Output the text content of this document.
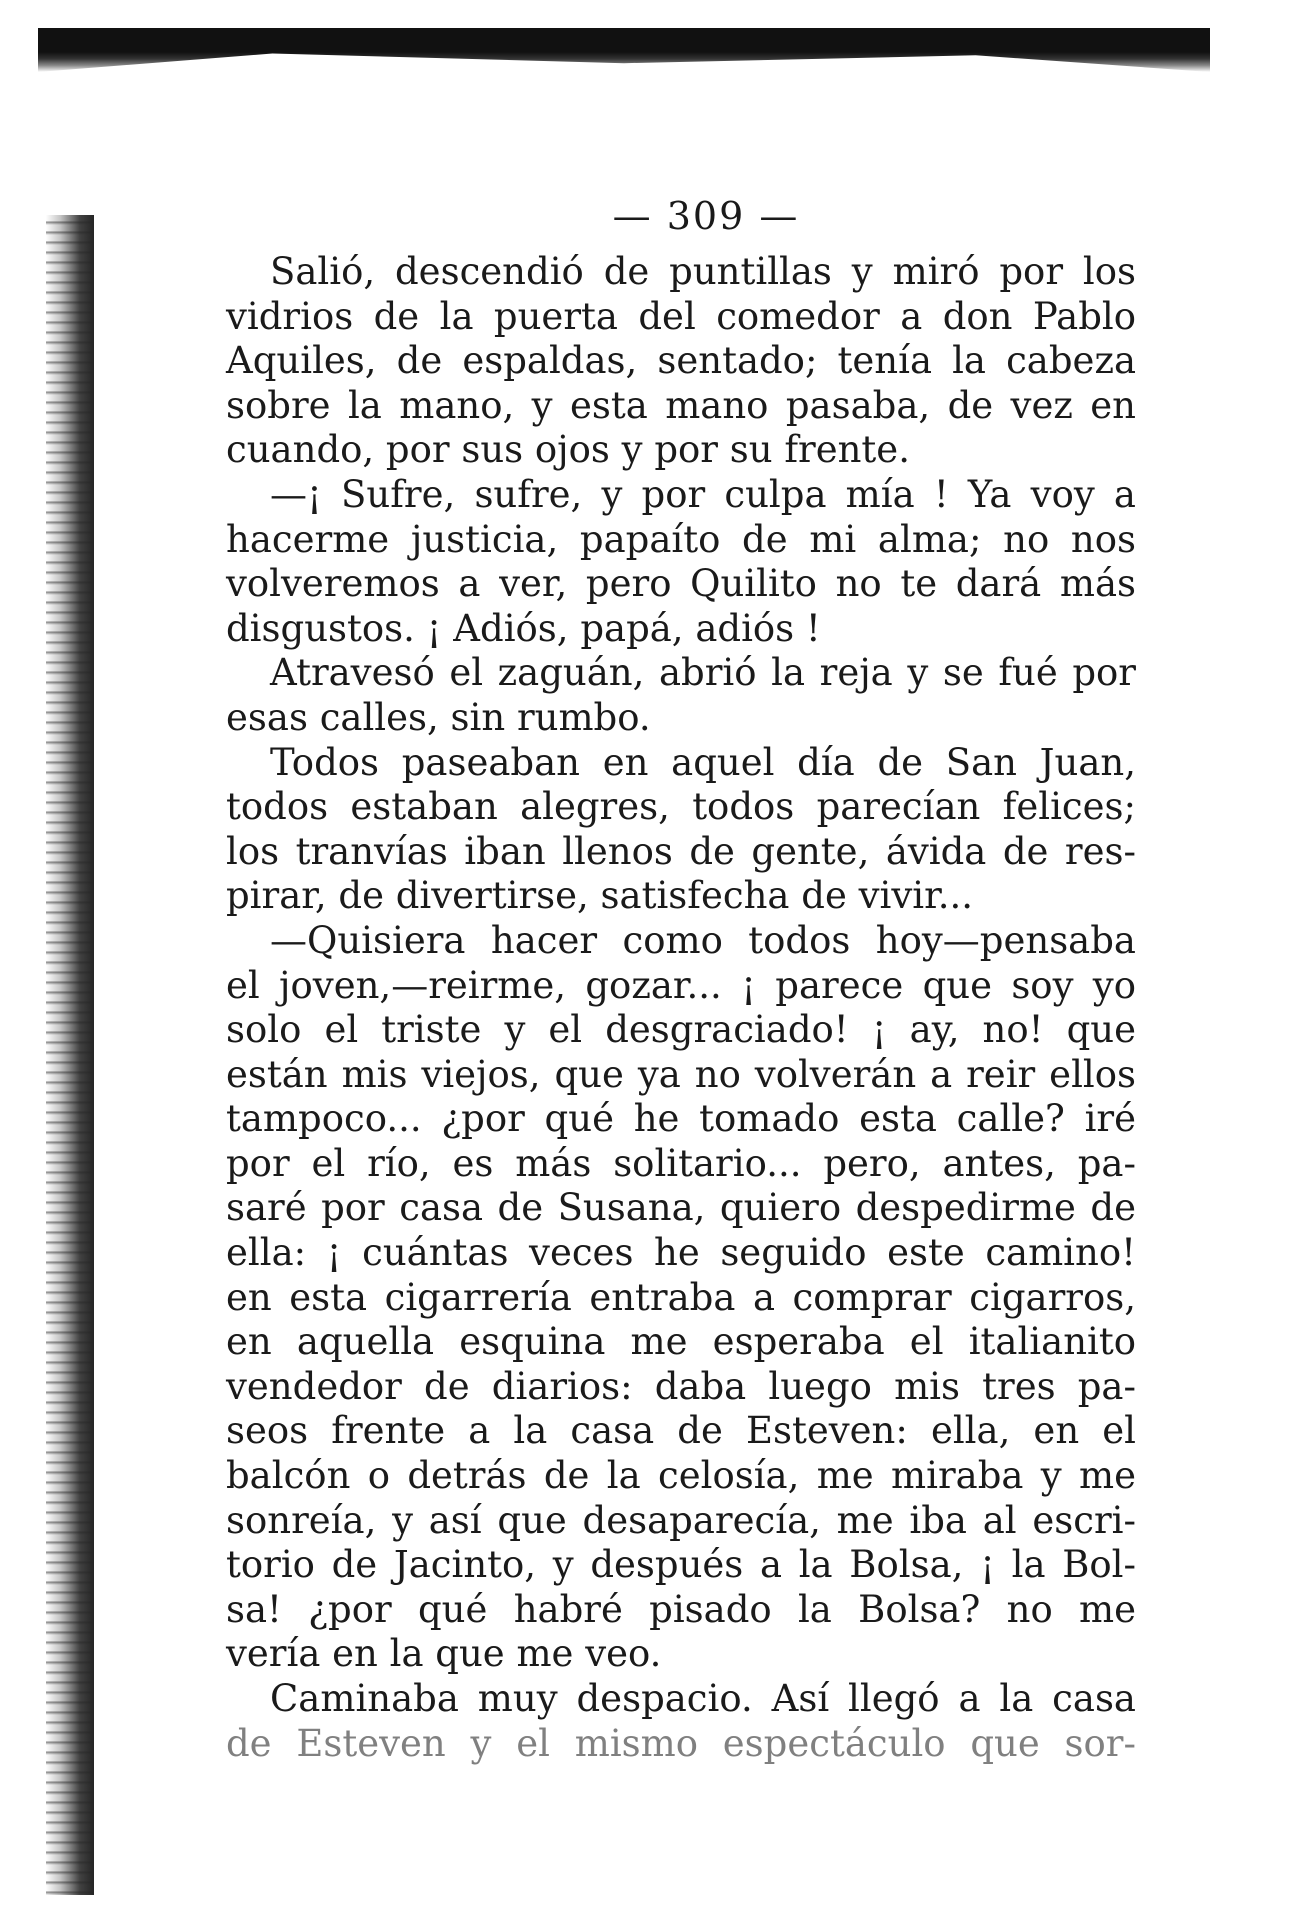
— 309 —
Salió, descendió de puntillas y miró por los
vidrios de la puerta del comedor a don Pablo
Aquiles, de espaldas, sentado; tenía la cabeza
sobre la mano, y esta mano pasaba, de vez en
cuando, por sus ojos y por su frente.
—¡ Sufre, sufre, y por culpa mía ! Ya voy a
hacerme justicia, papaíto de mi alma; no nos
volveremos a ver, pero Quilito no te dará más
disgustos. ¡ Adiós, papá, adiós !
Atravesó el zaguán, abrió la reja y se fué por
esas calles, sin rumbo.
Todos paseaban en aquel día de San Juan,
todos estaban alegres, todos parecían felices;
los tranvías iban llenos de gente, ávida de res-
pirar, de divertirse, satisfecha de vivir...
—Quisiera hacer como todos hoy—pensaba
el joven,—reirme, gozar... ¡ parece que soy yo
solo el triste y el desgraciado! ¡ ay, no! que
están mis viejos, que ya no volverán a reir ellos
tampoco... ¿por qué he tomado esta calle? iré
por el río, es más solitario... pero, antes, pa-
saré por casa de Susana, quiero despedirme de
ella: ¡ cuántas veces he seguido este camino!
en esta cigarrería entraba a comprar cigarros,
en aquella esquina me esperaba el italianito
vendedor de diarios: daba luego mis tres pa-
seos frente a la casa de Esteven: ella, en el
balcón o detrás de la celosía, me miraba y me
sonreía, y así que desaparecía, me iba al escri-
torio de Jacinto, y después a la Bolsa, ¡ la Bol-
sa! ¿por qué habré pisado la Bolsa? no me
vería en la que me veo.
Caminaba muy despacio. Así llegó a la casa
de Esteven y el mismo espectáculo que sor-
